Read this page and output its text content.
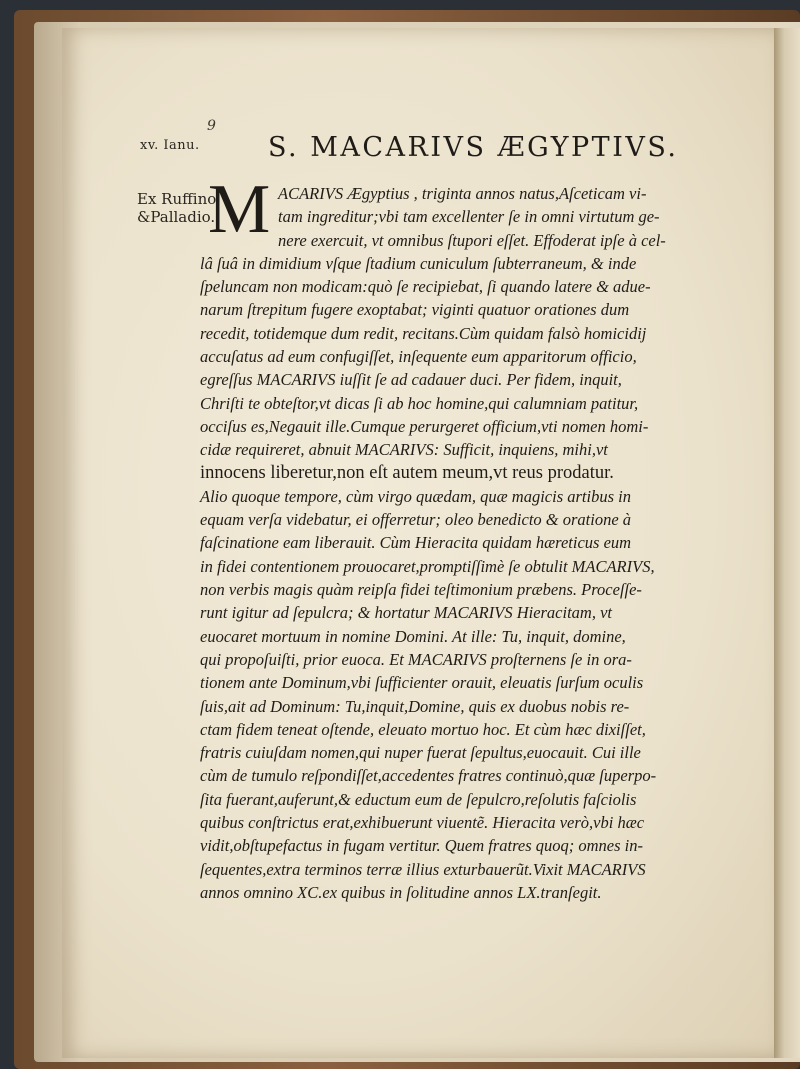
9
xv. Ianu.	S. MACARIVS ÆGYPTIVS.
Ex Ruffino
&Palladio.
M ACARIVS Ægyptius , triginta annos natus,Aſceticam vi-
tam ingreditur;vbi tam excellenter ſe in omni virtutum ge-
nere exercuit, vt omnibus ſtupori eſſet. Effoderat ipſe à cel-
lâ ſuâ in dimidium vſque ſtadium cuniculum ſubterraneum, & inde
ſpeluncam non modicam:quò ſe recipiebat, ſi quando latere & adue-
narum ſtrepitum fugere exoptabat; viginti quatuor orationes dum
recedit, totidemque dum redit, recitans.Cùm quidam falsò homicidij
accuſatus ad eum confugiſſet, inſequente eum apparitorum officio,
egreſſus MACARIVS iuſſit ſe ad cadauer duci. Per fidem, inquit,
Chriſti te obteſtor,vt dicas ſi ab hoc homine,qui calumniam patitur,
occiſus es,Negauit ille.Cumque perurgeret officium,vti nomen homi-
cidæ requireret, abnuit MACARIVS: Sufficit, inquiens, mihi,vt
innocens liberetur,non eſt autem meum,vt reus prodatur.
Alio quoque tempore, cùm virgo quædam, quæ magicis artibus in
equam verſa videbatur, ei offerretur; oleo benedicto & oratione à
faſcinatione eam liberauit. Cùm Hieracita quidam hæreticus eum
in fidei contentionem prouocaret,promptiſſimè ſe obtulit MACARIVS,
non verbis magis quàm reipſa fidei teſtimonium præbens. Proceſſe-
runt igitur ad ſepulcra; & hortatur MACARIVS Hieracitam, vt
euocaret mortuum in nomine Domini. At ille: Tu, inquit, domine,
qui propoſuiſti, prior euoca. Et MACARIVS proſternens ſe in ora-
tionem ante Dominum,vbi ſufficienter orauit, eleuatis ſurſum oculis
ſuis,ait ad Dominum: Tu,inquit,Domine, quis ex duobus nobis re-
ctam fidem teneat oſtende, eleuato mortuo hoc. Et cùm hæc dixiſſet,
fratris cuiuſdam nomen,qui nuper fuerat ſepultus,euocauit. Cui ille
cùm de tumulo reſpondiſſet,accedentes fratres continuò,quæ ſuperpo-
ſita fuerant,auferunt,& eductum eum de ſepulcro,reſolutis faſciolis
quibus conſtrictus erat,exhibuerunt viuentẽ. Hieracita verò,vbi hæc
vidit,obſtupefactus in fugam vertitur. Quem fratres quoq; omnes in-
ſequentes,extra terminos terræ illius exturbauerũt.Vixit MACARIVS
annos omnino XC.ex quibus in ſolitudine annos LX.tranſegit.
